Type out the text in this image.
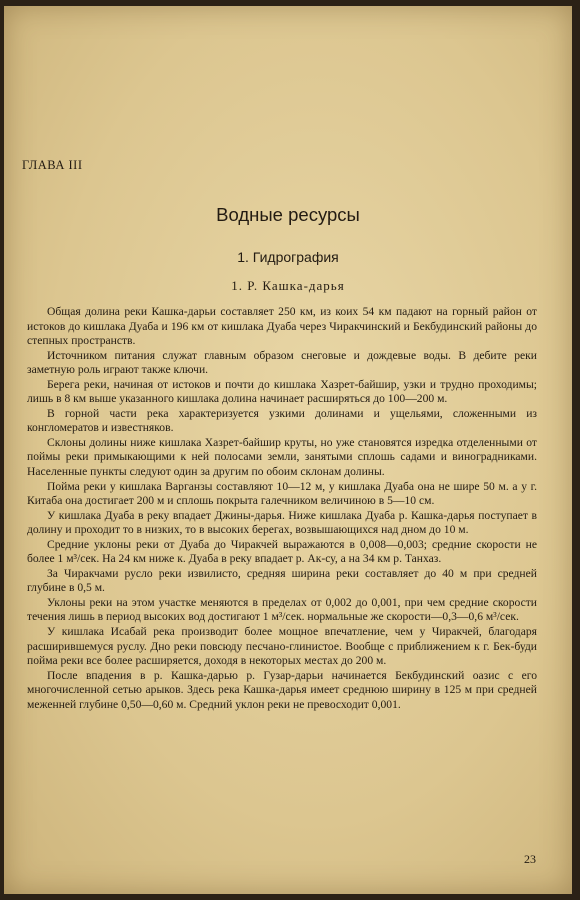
ГЛАВА III
Водные ресурсы
1. Гидрография
1. Р. Кашка-дарья

Общая долина реки Кашка-дарьи составляет 250 км, из коих 54 км падают на горный район от истоков до кишлака Дуаба и 196 км от кишлака Дуаба через Чиракчинский и Бекбудинский районы до степных пространств.

Источником питания служат главным образом снеговые и дождевые воды. В дебите реки заметную роль играют также ключи.

Берега реки, начиная от истоков и почти до кишлака Хазрет-байшир, узки и трудно проходимы; лишь в 8 км выше указанного кишлака долина начинает расширяться до 100—200 м.

В горной части река характеризуется узкими долинами и ущельями, сложенными из конгломератов и известняков.

Склоны долины ниже кишлака Хазрет-байшир круты, но уже становятся изредка отделенными от поймы реки примыкающими к ней полосами земли, занятыми сплошь садами и виноградниками. Населенные пункты следуют один за другим по обоим склонам долины.

Пойма реки у кишлака Варганзы составляют 10—12 м, у кишлака Дуаба она не шире 50 м. а у г. Китаба она достигает 200 м и сплошь покрыта галечником величиною в 5—10 см.

У кишлака Дуаба в реку впадает Джины-дарья. Ниже кишлака Дуаба р. Кашка-дарья поступает в долину и проходит то в низких, то в высоких берегах, возвышающихся над дном до 10 м.

Средние уклоны реки от Дуаба до Чиракчей выражаются в 0,008—0,003; средние скорости не более 1 м³/сек. На 24 км ниже к. Дуаба в реку впадает р. Ак-су, а на 34 км р. Танхаз.

За Чиракчами русло реки извилисто, средняя ширина реки составляет до 40 м при средней глубине в 0,5 м.

Уклоны реки на этом участке меняются в пределах от 0,002 до 0,001, при чем средние скорости течения лишь в период высоких вод достигают 1 м³/сек. нормальные же скорости—0,3—0,6 м³/сек.

У кишлака Исабай река производит более мощное впечатление, чем у Чиракчей, благодаря расширившемуся руслу. Дно реки повсюду песчано-глинистое. Вообще с приближением к г. Бек-буди пойма реки все более расширяется, доходя в некоторых местах до 200 м.

После впадения в р. Кашка-дарью р. Гузар-дарьи начинается Бекбудинский оазис с его многочисленной сетью арыков. Здесь река Кашка-дарья имеет среднюю ширину в 125 м при средней меженней глубине 0,50—0,60 м. Средний уклон реки не превосходит 0,001.

23
